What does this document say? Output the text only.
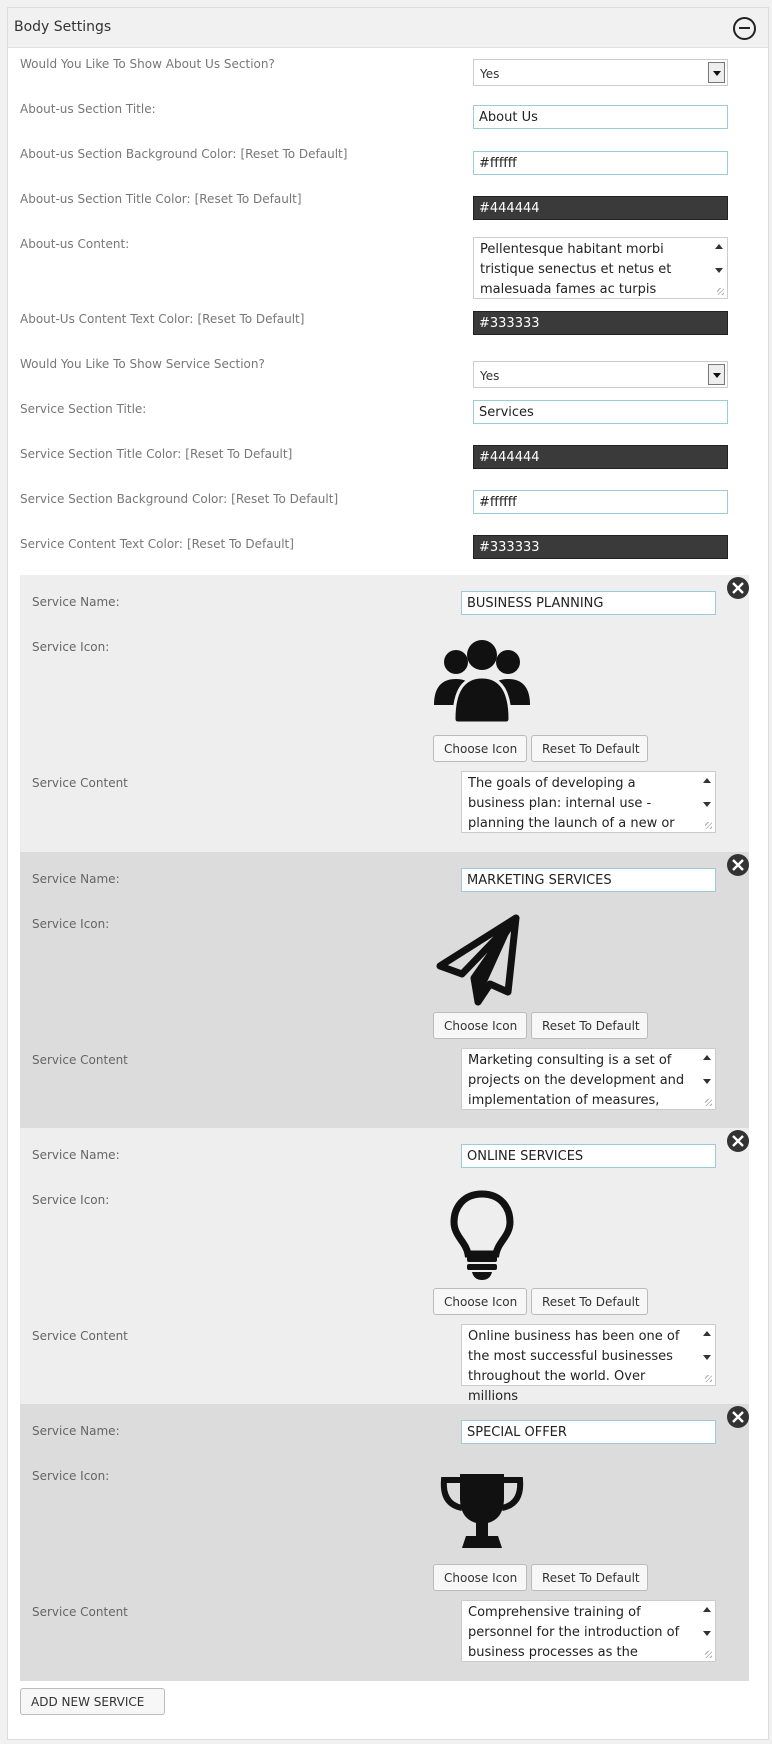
Body Settings
Would You Like To Show About Us Section?
Yes
About-us Section Title:
About Us
About-us Section Background Color: [Reset To Default]
#ffffff
About-us Section Title Color: [Reset To Default]
#444444
About-us Content:	Pellentesque habitant morbi tristique senectus et netus et malesuada fames ac turpis
About-Us Content Text Color: [Reset To Default]	#333333
Would You Like To Show Service Section?
Yes
Service Section Title:	Services
Service Section Title Color: [Reset To Default]	#444444
Service Section Background Color: [Reset To Default]	#ffffff
Service Content Text Color: [Reset To Default]	#333333
Service Name:	BUSINESS PLANNING
Service Icon:
Choose Icon	Reset To Default
Service Content	The goals of developing a business plan: internal use - planning the launch of a new or
Service Name:	MARKETING SERVICES
Service Icon:
Choose Icon	Reset To Default
Service Content	Marketing consulting is a set of projects on the development and implementation of measures,
Service Name:	ONLINE SERVICES
Service Icon:
Choose Icon	Reset To Default
Service Content	Online business has been one of the most successful businesses throughout the world. Over millions
Service Name:	SPECIAL OFFER
Service Icon:
Choose Icon	Reset To Default
Service Content	Comprehensive training of personnel for the introduction of business processes as the
ADD NEW SERVICE
